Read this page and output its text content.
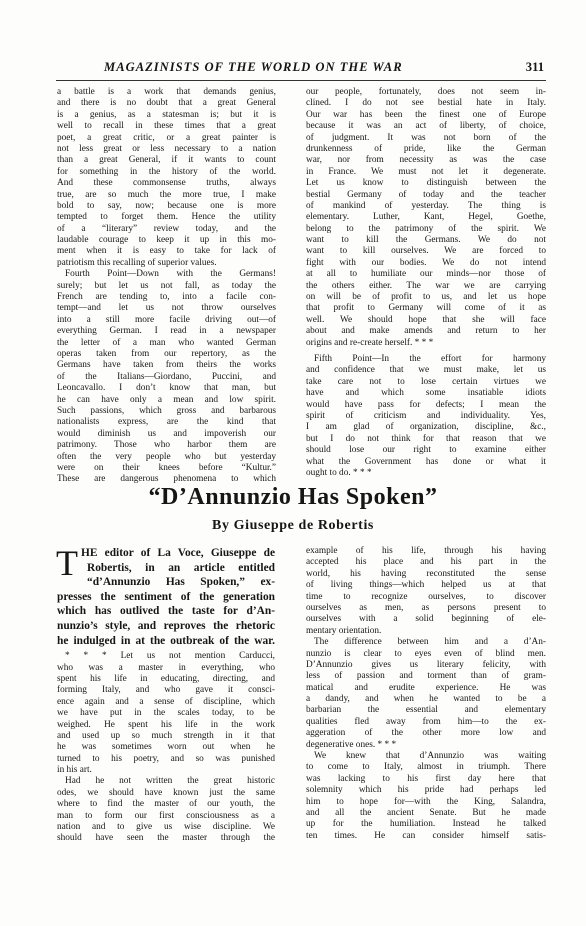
MAGAZINISTS OF THE WORLD ON THE WAR	311
a battle is a work that demands genius,
and there is no doubt that a great General
is a genius, as a statesman is; but it is
well to recall in these times that a great
poet, a great critic, or a great painter is
not less great or less necessary to a nation
than a great General, if it wants to count
for something in the history of the world.
And these commonsense truths, always
true, are so much the more true, I make
bold to say, now; because one is more
tempted to forget them. Hence the utility
of a “literary” review today, and the
laudable courage to keep it up in this mo-
ment when it is easy to take for lack of
patriotism this recalling of superior values.
Fourth Point—Down with the Germans!
surely; but let us not fall, as today the
French are tending to, into a facile con-
tempt—and let us not throw ourselves
into a still more facile driving out—of
everything German. I read in a newspaper
the letter of a man who wanted German
operas taken from our repertory, as the
Germans have taken from theirs the works
of the Italians—Giordano, Puccini, and
Leoncavallo. I don’t know that man, but
he can have only a mean and low spirit.
Such passions, which gross and barbarous
nationalists express, are the kind that
would diminish us and impoverish our
patrimony. Those who harbor them are
often the very people who but yesterday
were on their knees before “Kultur.”
These are dangerous phenomena to which
our people, fortunately, does not seem in-
clined. I do not see bestial hate in Italy.
Our war has been the finest one of Europe
because it was an act of liberty, of choice,
of judgment. It was not born of the
drunkenness of pride, like the German
war, nor from necessity as was the case
in France. We must not let it degenerate.
Let us know to distinguish between the
bestial Germany of today and the teacher
of mankind of yesterday. The thing is
elementary. Luther, Kant, Hegel, Goethe,
belong to the patrimony of the spirit. We
want to kill the Germans. We do not
want to kill ourselves. We are forced to
fight with our bodies. We do not intend
at all to humiliate our minds—nor those of
the others either. The war we are carrying
on will be of profit to us, and let us hope
that profit to Germany will come of it as
well. We should hope that she will face
about and make amends and return to her
origins and re-create herself. * * *
Fifth Point—In the effort for harmony
and confidence that we must make, let us
take care not to lose certain virtues we
have and which some insatiable idiots
would have pass for defects; I mean the
spirit of criticism and individuality. Yes,
I am glad of organization, discipline, &c.,
but I do not think for that reason that we
should lose our right to examine either
what the Government has done or what it
ought to do. * * *
“D’Annunzio Has Spoken”
By Giuseppe de Robertis
T HE editor of La Voce, Giuseppe de
Robertis, in an article entitled
“d’Annunzio Has Spoken,” ex-
presses the sentiment of the generation
which has outlived the taste for d’An-
nunzio’s style, and reproves the rhetoric
he indulged in at the outbreak of the war.
* * * Let us not mention Carducci,
who was a master in everything, who
spent his life in educating, directing, and
forming Italy, and who gave it consci-
ence again and a sense of discipline, which
we have put in the scales today, to be
weighed. He spent his life in the work
and used up so much strength in it that
he was sometimes worn out when he
turned to his poetry, and so was punished
in his art.
Had he not written the great historic
odes, we should have known just the same
where to find the master of our youth, the
man to form our first consciousness as a
nation and to give us wise discipline. We
should have seen the master through the
example of his life, through his having
accepted his place and his part in the
world, his having reconstituted the sense
of living things—which helped us at that
time to recognize ourselves, to discover
ourselves as men, as persons present to
ourselves with a solid beginning of ele-
mentary orientation.
The difference between him and a d’An-
nunzio is clear to eyes even of blind men.
D’Annunzio gives us literary felicity, with
less of passion and torment than of gram-
matical and erudite experience. He was
a dandy, and when he wanted to be a
barbarian the essential and elementary
qualities fled away from him—to the ex-
aggeration of the other more low and
degenerative ones. * * *
We knew that d’Annunzio was waiting
to come to Italy, almost in triumph. There
was lacking to his first day here that
solemnity which his pride had perhaps led
him to hope for—with the King, Salandra,
and all the ancient Senate. But he made
up for the humiliation. Instead he talked
ten times. He can consider himself satis-
